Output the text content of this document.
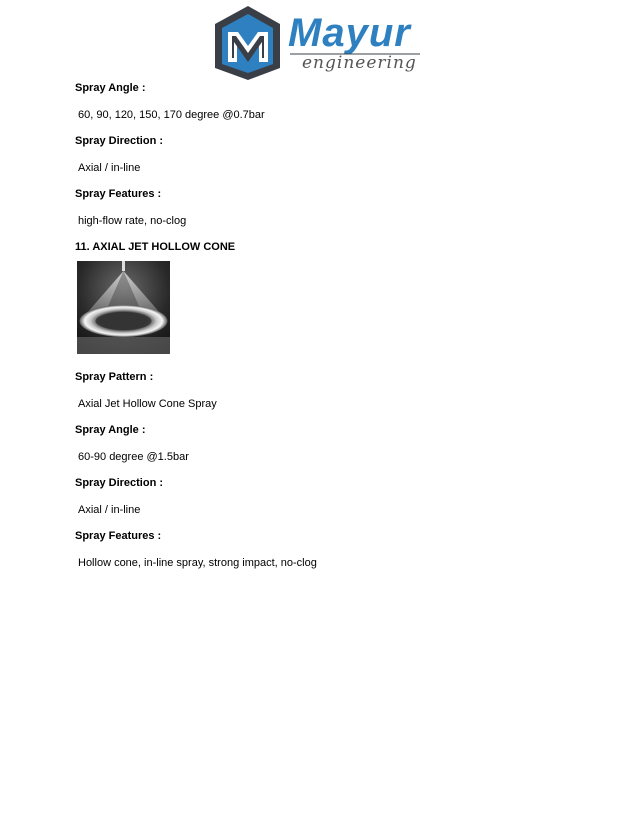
Mayur
engineering

Spray Angle :

60, 90, 120, 150, 170 degree @0.7bar

Spray Direction :

Axial / in-line

Spray Features :

high-flow rate, no-clog

11. AXIAL JET HOLLOW CONE

Spray Pattern :

Axial Jet Hollow Cone Spray

Spray Angle :

60-90 degree @1.5bar

Spray Direction :

Axial / in-line

Spray Features :

Hollow cone, in-line spray, strong impact, no-clog
